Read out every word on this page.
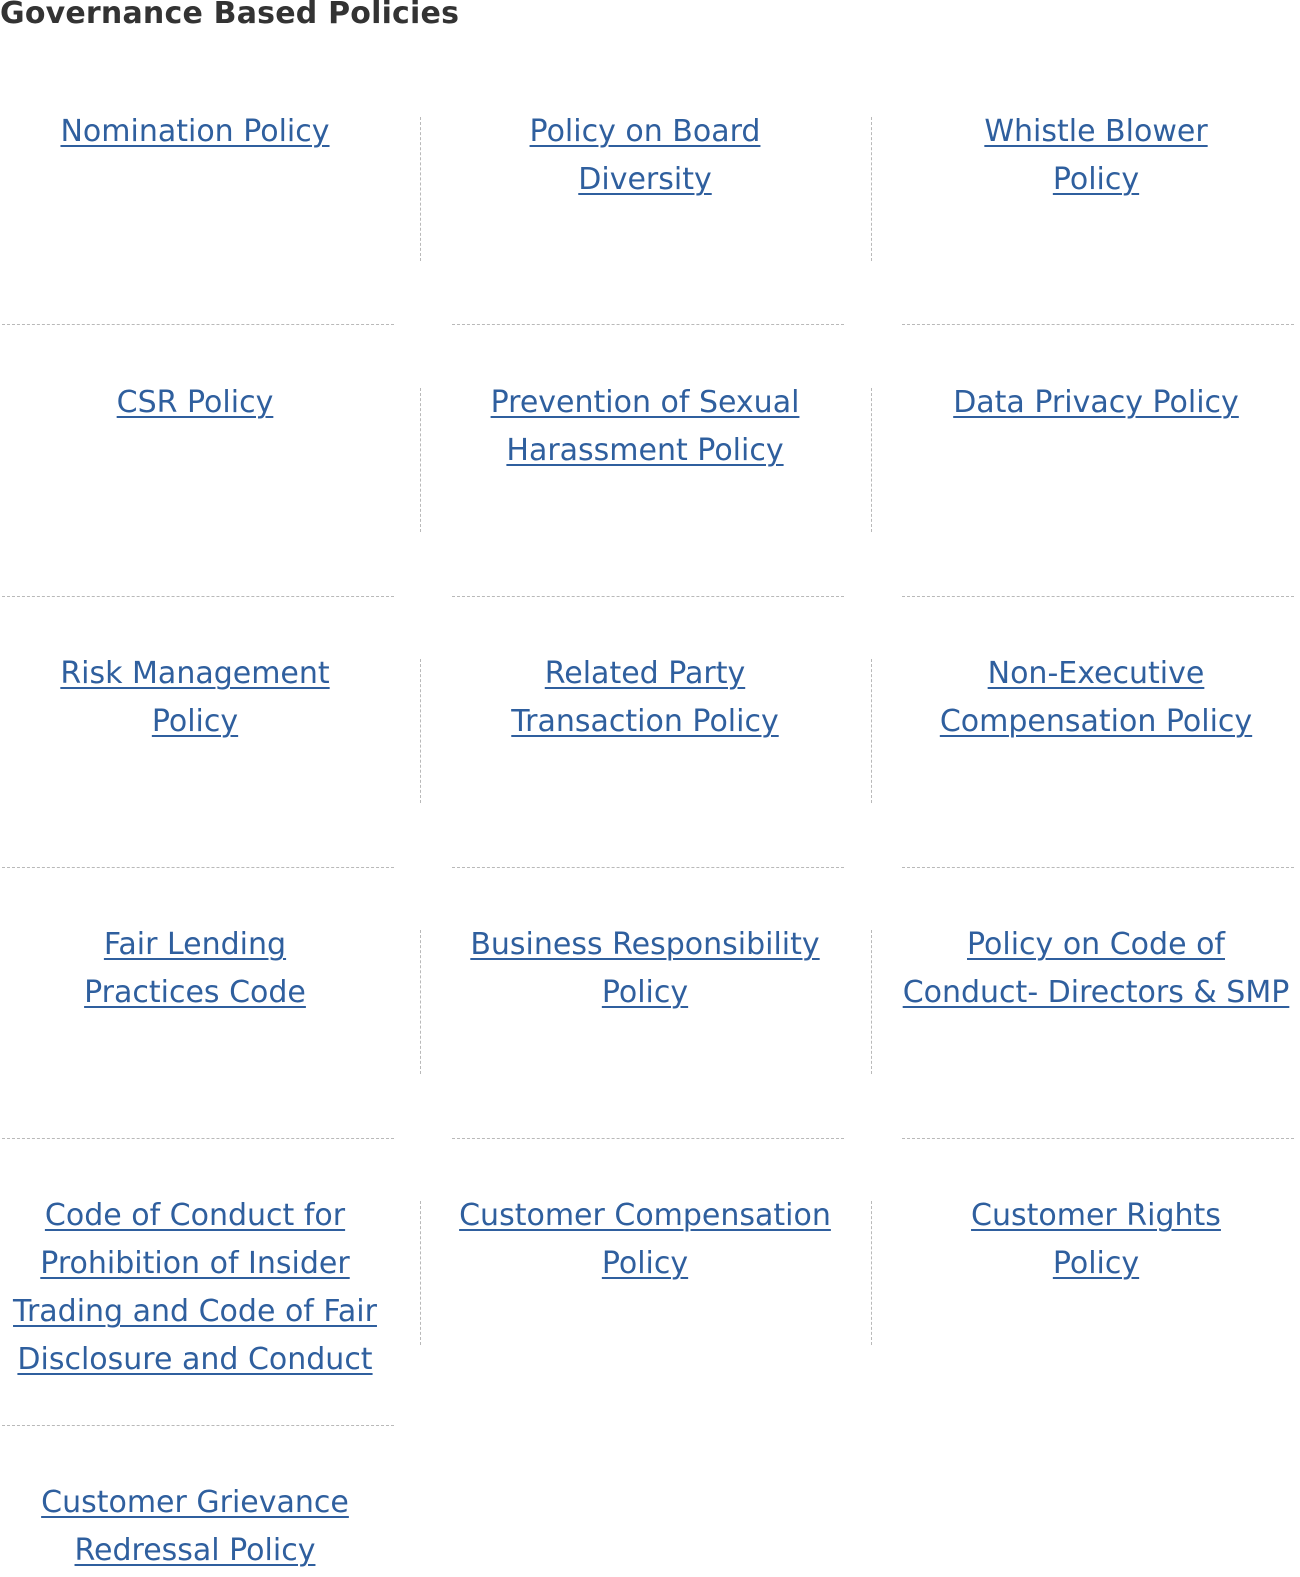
Governance Based Policies
Nomination Policy	Policy on Board
Diversity
Whistle Blower
Policy
CSR Policy	Prevention of Sexual
Harassment Policy
Data Privacy Policy
Risk Management
Policy
Related Party
Transaction Policy
Non-Executive
Compensation Policy
Fair Lending
Practices Code
Business Responsibility
Policy
Policy on Code of
Conduct- Directors & SMP
Code of Conduct for
Prohibition of Insider
Trading and Code of Fair
Disclosure and Conduct
Customer Compensation
Policy
Customer Rights
Policy
Customer Grievance
Redressal Policy
